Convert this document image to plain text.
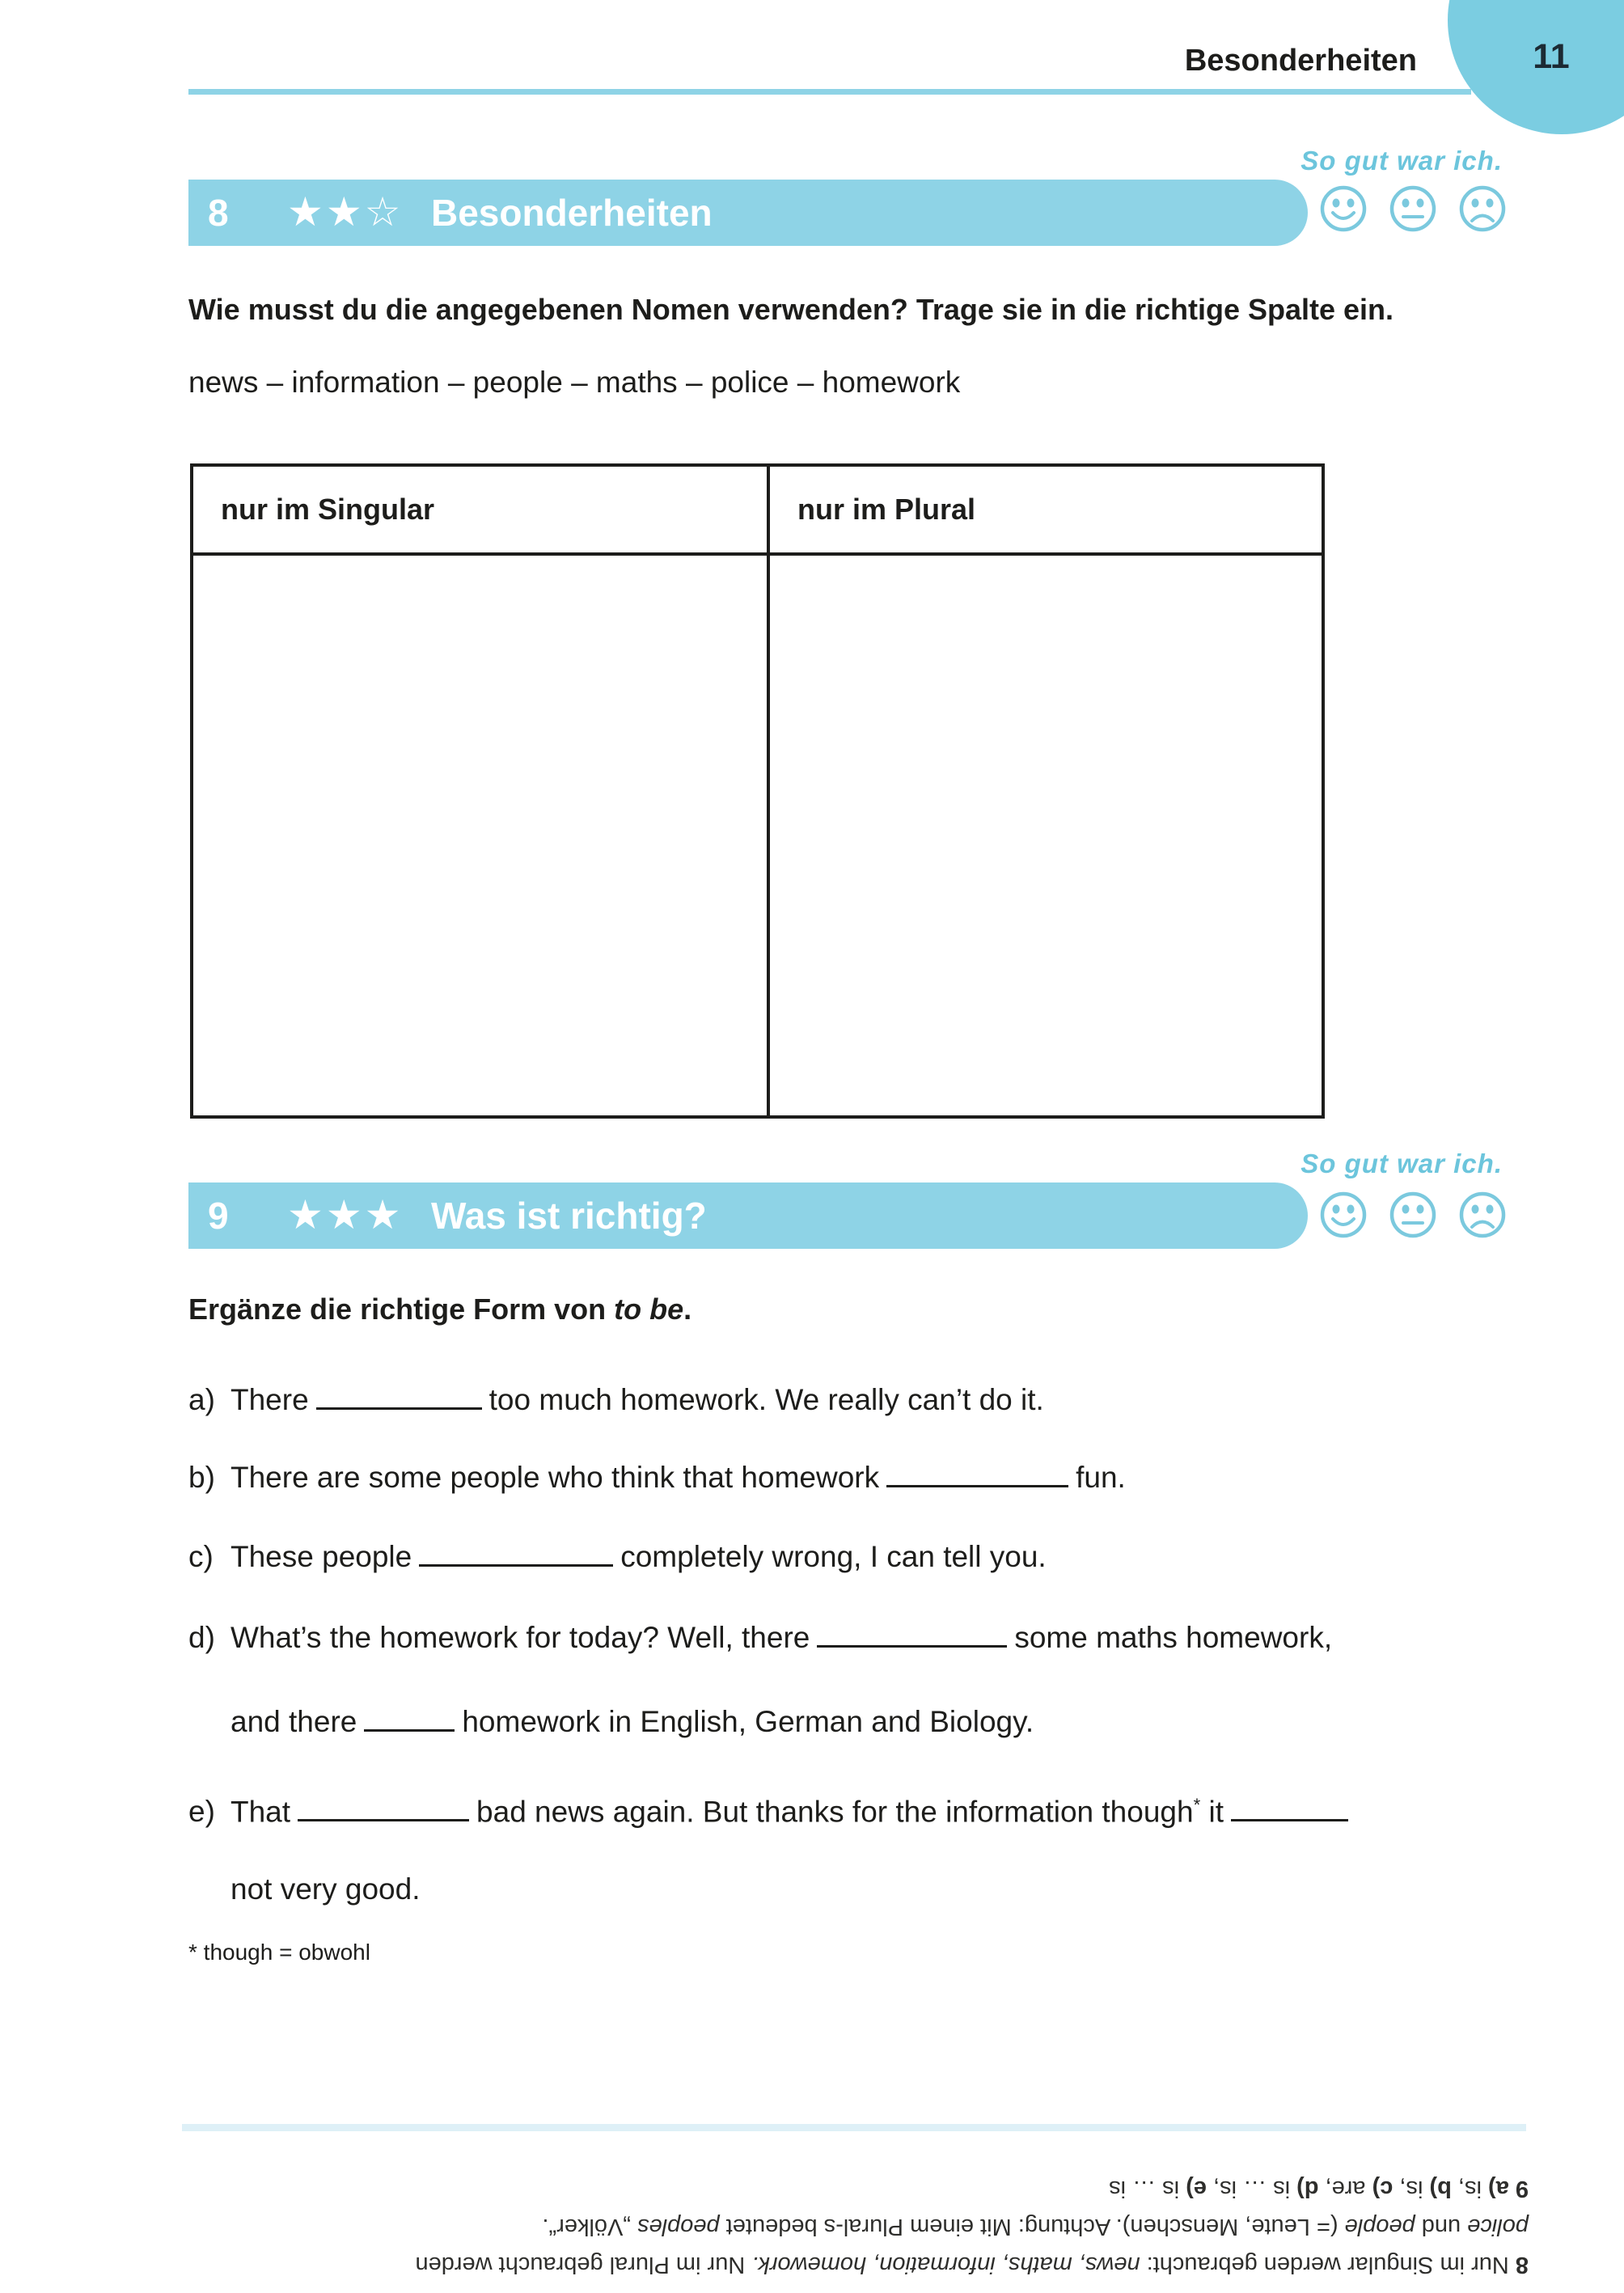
Besonderheiten	11
So gut war ich.
8 ★★☆ Besonderheiten
Wie musst du die angegebenen Nomen verwenden? Trage sie in die richtige Spalte ein.
news – information – people – maths – police – homework
nur im Singular	nur im Plural
So gut war ich.
9 ★★★ Was ist richtig?
Ergänze die richtige Form von to be.
a) There	too much homework. We really can’t do it.
b) There are some people who think that homework	fun.
c) These people	completely wrong, I can tell you.
d) What’s the homework for today? Well, there	some maths homework,
and there	homework in English, German and Biology.
e) That	bad news again. But thanks for the information though* it
not very good.
* though = obwohl
8 Nur im Singular werden gebraucht: news, maths, information, homework. Nur im Plural gebraucht werden
police und people (= Leute, Menschen). Achtung: Mit einem Plural-s bedeutet peoples „Völker“.
9 a) is, b) is, c) are, d) is … is, e) is … is
